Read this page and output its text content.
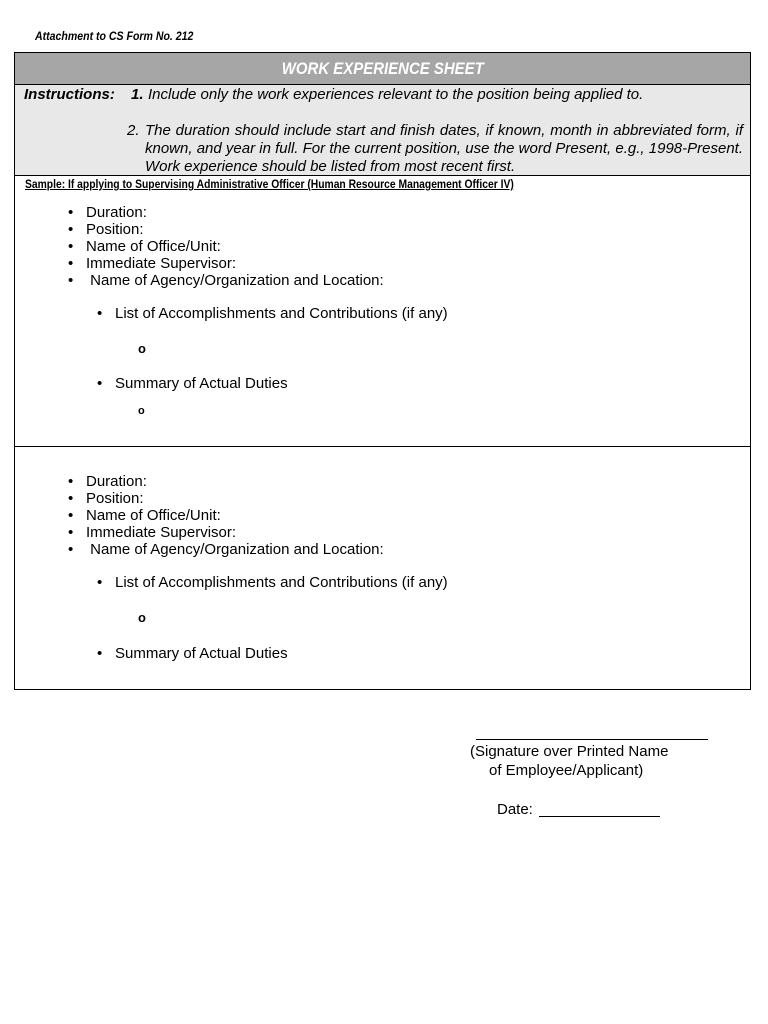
Attachment to CS Form No. 212
WORK EXPERIENCE SHEET
Instructions: 1. Include only the work experiences relevant to the position being applied to.
2. The duration should include start and finish dates, if known, month in abbreviated form, if known, and year in full. For the current position, use the word Present, e.g., 1998-Present. Work experience should be listed from most recent first.
Sample: If applying to Supervising Administrative Officer (Human Resource Management Officer IV)
• Duration:
• Position:
• Name of Office/Unit:
• Immediate Supervisor:
• Name of Agency/Organization and Location:
• List of Accomplishments and Contributions (if any)
o
• Summary of Actual Duties
o
• Duration:
• Position:
• Name of Office/Unit:
• Immediate Supervisor:
• Name of Agency/Organization and Location:
• List of Accomplishments and Contributions (if any)
o
• Summary of Actual Duties
(Signature over Printed Name
of Employee/Applicant)
Date:
